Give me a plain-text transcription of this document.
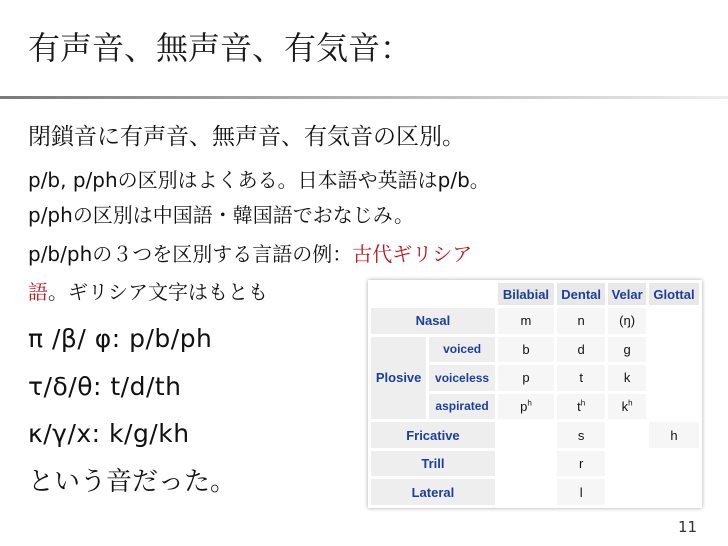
有声音、無声音、有気音：
閉鎖音に有声音、無声音、有気音の区別。
p/b, p/phの区別はよくある。日本語や英語はp/b。
p/phの区別は中国語・韓国語でおなじみ。
p/b/phの３つを区別する言語の例：古代ギリシア
語。ギリシア文字はもとも
π /β/ φ: p/b/ph
τ/δ/θ: t/d/th
κ/γ/x: k/g/kh
という音だった。
		Bilabial	Dental	Velar	Glottal
Nasal		m	n	(ŋ)	
Plosive	voiced	b	d	g	
	voiceless	p	t	k	
	aspirated	$p^h$	$t^h$	$k^h$	
Fricative			s		h
Trill			r		
Lateral			l		
11
